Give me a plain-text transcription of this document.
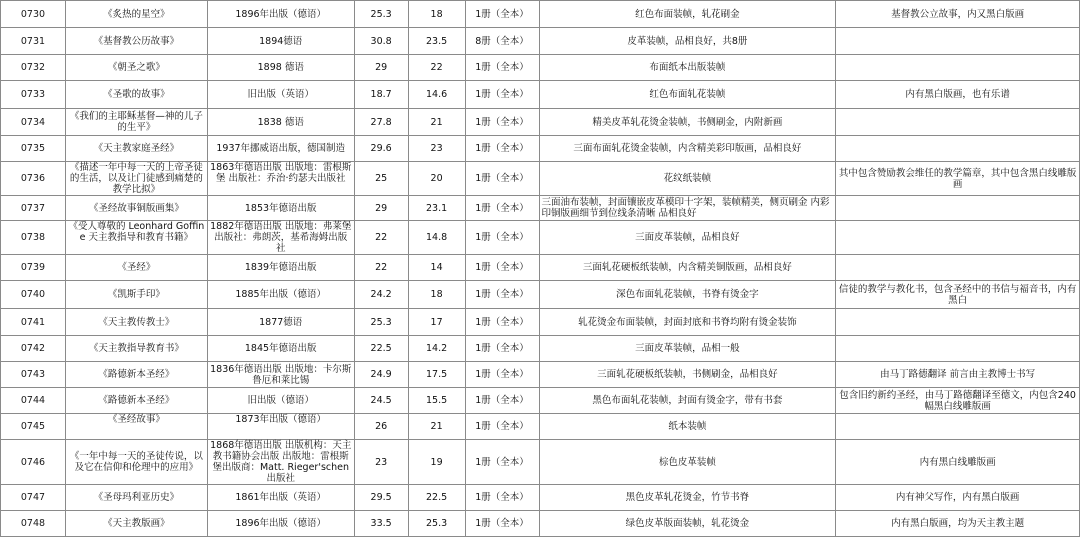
0730	《炙热的星空》	1896年出版（德语）	25.3	18	1册（全本）	红色布面装帧，轧花刷金	基督教公立故事，内又黑白版画
0731	《基督教公历故事》	1894德语	30.8	23.5	8册（全本）	皮革装帧，品相良好，共8册	
0732	《朝圣之歌》	1898 德语	29	22	1册（全本）	布面纸本出版装帧	
0733	《圣歌的故事》	旧出版（英语）	18.7	14.6	1册（全本）	红色布面轧花装帧	内有黑白版画，也有乐谱
0734	《我们的主耶稣基督—神的儿子的生平》	1838 德语	27.8	21	1册（全本）	精美皮革轧花烫金装帧，书侧刷金，内附新画	
0735	《天主教家庭圣经》	1937年挪威语出版，德国制造	29.6	23	1册（全本）	三面布面轧花烫金装帧，内含精美彩印版画，品相良好	
0736	《描述一年中每一天的上帝圣徒的生活，以及让门徒感到痛楚的教学比拟》	1863年德语出版 出版地：雷根斯堡 出版社：乔治·约瑟夫出版社	25	20	1册（全本）	花纹纸装帧	其中包含赞励教会维任的教学篇章，其中包含黑白线雕版画
0737	《圣经故事铜版画集》	1853年德语出版	29	23.1	1册（全本）	三面油布装帧，封面镶嵌皮革模印十字架，装帧精美，侧页刷金 内彩印铜版画细节到位线条清晰 品相良好	
0738	《受人尊敬的 Leonhard Goffine 天主教指导和教育书籍》	1882年德语出版 出版地：弗莱堡 出版社：弗朗茨，基希海姆出版社	22	14.8	1册（全本）	三面皮革装帧，品相良好	
0739	《圣经》	1839年德语出版	22	14	1册（全本）	三面轧花硬板纸装帧，内含精美铜版画，品相良好	
0740	《凯斯手印》	1885年出版（德语）	24.2	18	1册（全本）	深色布面轧花装帧，书脊有烫金字	信徒的教学与教化书，包含圣经中的书信与福音书，内有黑白
0741	《天主教传教士》	1877德语	25.3	17	1册（全本）	轧花烫金布面装帧，封面封底和书脊均附有烫金装饰	
0742	《天主教指导教育书》	1845年德语出版	22.5	14.2	1册（全本）	三面皮革装帧，品相一般	
0743	《路德新本圣经》	1836年德语出版 出版地：卡尔斯鲁厄和莱比锡	24.9	17.5	1册（全本）	三面轧花硬板纸装帧，书侧刷金，品相良好	由马丁路德翻译 前言由主教博士书写
0744	《路德新本圣经》	旧出版（德语）	24.5	15.5	1册（全本）	黑色布面轧花装帧，封面有烫金字，带有书套	包含旧约新约圣经，由马丁路德翻译至德文，内包含240幅黑白线雕版画
0745	《圣经故事》	1873年出版（德语）	26	21	1册（全本）	纸本装帧	
0746	《一年中每一天的圣徒传说，以及它在信仰和伦理中的应用》	1868年德语出版 出版机构：天主教书籍协会出版 出版地：雷根斯堡出版商：Matt. Rieger'schen出版社	23	19	1册（全本）	棕色皮革装帧	内有黑白线雕版画
0747	《圣母玛利亚历史》	1861年出版（英语）	29.5	22.5	1册（全本）	黑色皮革轧花烫金，竹节书脊	内有神父写作，内有黑白版画
0748	《天主教版画》	1896年出版（德语）	33.5	25.3	1册（全本）	绿色皮革版面装帧，轧花烫金	内有黑白版画，均为天主教主题
